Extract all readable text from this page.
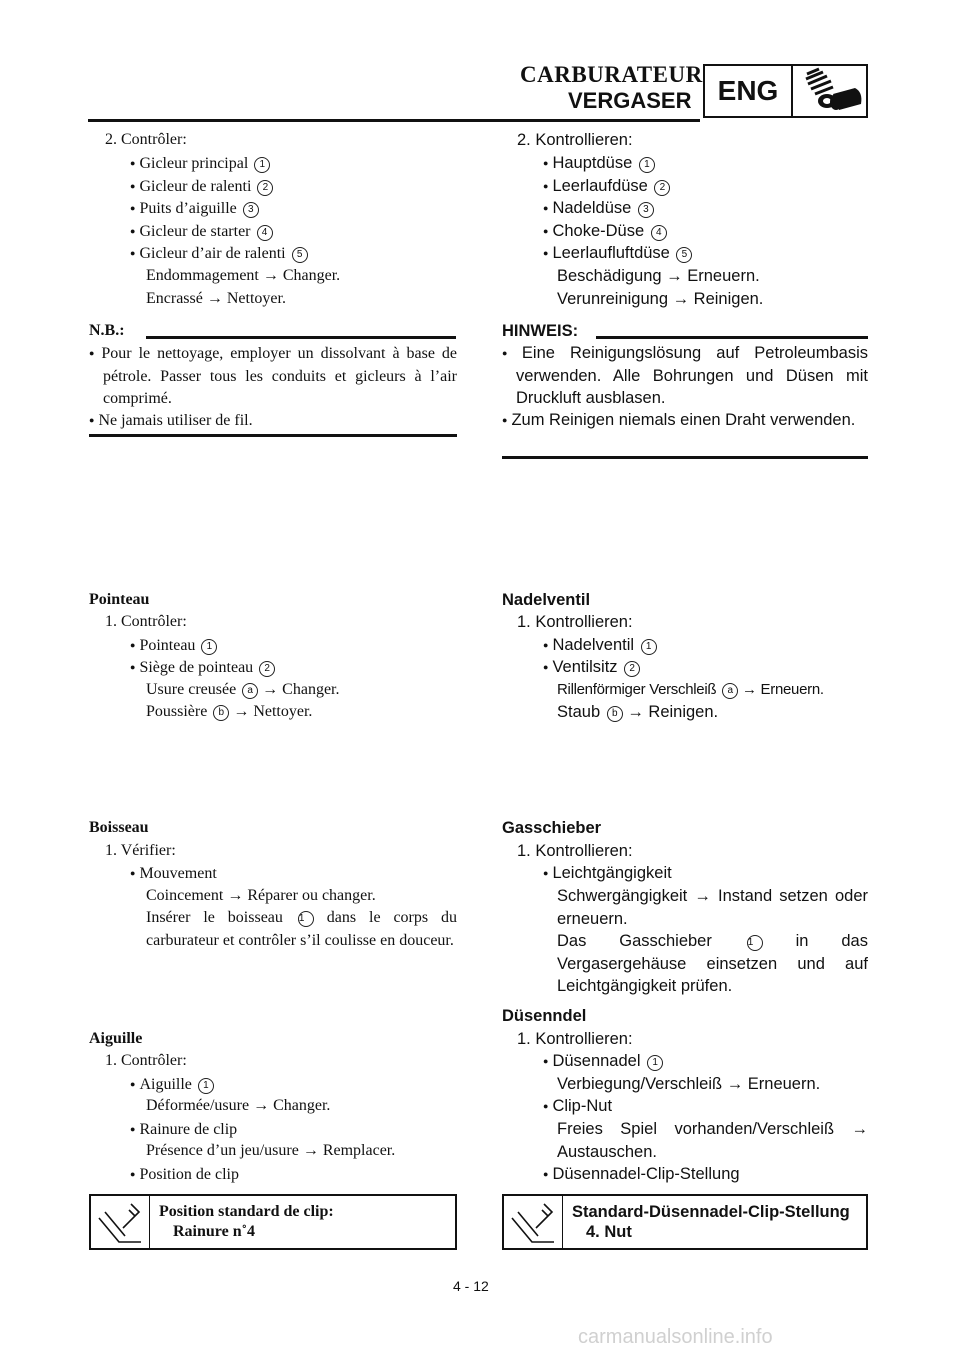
CARBURATEUR
VERGASER ENG
2. Contrôler:
● Gicleur principal 1
● Gicleur de ralenti 2
● Puits d’aiguille 3
● Gicleur de starter 4
● Gicleur d’air de ralenti 5
Endommagement → Changer.
Encrassé → Nettoyer.
N.B.:
● Pour le nettoyage, employer un dissolvant à base de pétrole. Passer tous les conduits et gicleurs à l’air comprimé.
● Ne jamais utiliser de fil.
Pointeau
1. Contrôler:
● Pointeau 1
● Siège de pointeau 2
Usure creusée a → Changer.
Poussière b → Nettoyer.
Boisseau
1. Vérifier:
● Mouvement
Coincement → Réparer ou changer.
Insérer le boisseau 1 dans le corps du carburateur et contrôler s’il coulisse en douceur.
Aiguille
1. Contrôler:
● Aiguille 1
Déformée/usure → Changer.
● Rainure de clip
Présence d’un jeu/usure → Remplacer.
● Position de clip
Position standard de clip:
Rainure n˚4
2. Kontrollieren:
● Hauptdüse 1
● Leerlaufdüse 2
● Nadeldüse 3
● Choke-Düse 4
● Leerlaufluftdüse 5
Beschädigung → Erneuern.
Verunreinigung → Reinigen.
HINWEIS:
● Eine Reinigungslösung auf Petroleumbasis verwenden. Alle Bohrungen und Düsen mit Druckluft ausblasen.
● Zum Reinigen niemals einen Draht verwenden.
Nadelventil
1. Kontrollieren:
● Nadelventil 1
● Ventilsitz 2
Rillenförmiger Verschleiß a → Erneuern.
Staub b → Reinigen.
Gasschieber
1. Kontrollieren:
● Leichtgängigkeit
Schwergängigkeit → Instand setzen oder erneuern.
Das Gasschieber	1	in das Vergasergehäuse einsetzen und auf Leichtgängigkeit prüfen.
Düsenndel
1. Kontrollieren:
● Düsennadel 1
Verbiegung/Verschleiß → Erneuern.
● Clip-Nut
Freies Spiel vorhanden/Verschleiß → Austauschen.
● Düsennadel-Clip-Stellung
Standard-Düsennadel-Clip-Stellung
4. Nut
4 - 12
carmanualsonline.info
